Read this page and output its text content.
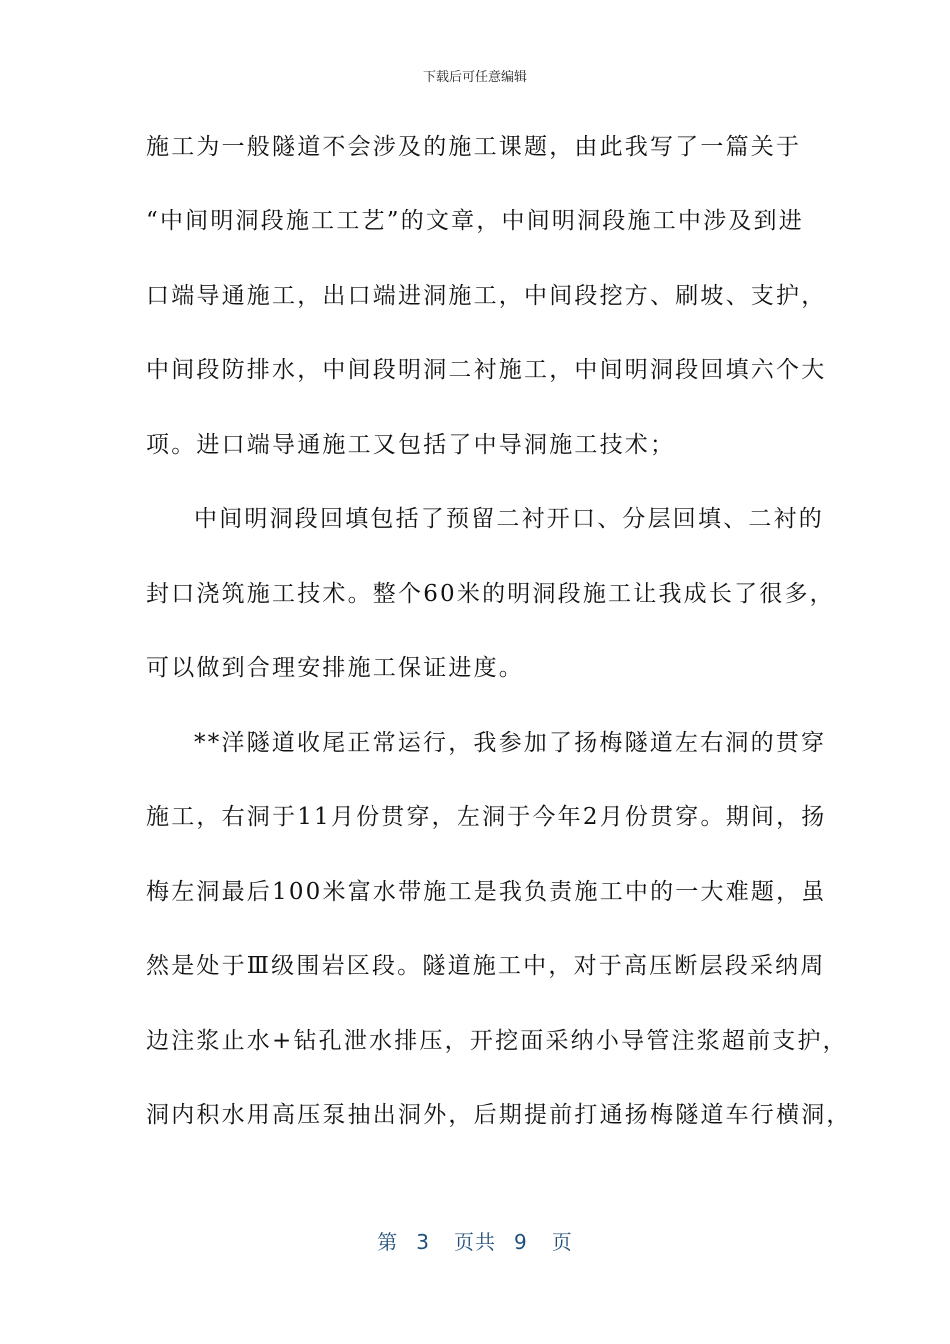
下载后可任意编辑
施工为一般隧道不会涉及的施工课题，由此我写了一篇关于
“中间明洞段施工工艺”的文章，中间明洞段施工中涉及到进
口端导通施工，出口端进洞施工，中间段挖方、刷坡、支护，
中间段防排水，中间段明洞二衬施工，中间明洞段回填六个大
项。进口端导通施工又包括了中导洞施工技术；
中间明洞段回填包括了预留二衬开口、分层回填、二衬的
封口浇筑施工技术。整个60米的明洞段施工让我成长了很多，
可以做到合理安排施工保证进度。
**洋隧道收尾正常运行，我参加了扬梅隧道左右洞的贯穿
施工，右洞于11月份贯穿，左洞于今年2月份贯穿。期间，扬
梅左洞最后100米富水带施工是我负责施工中的一大难题，虽
然是处于Ⅲ级围岩区段。隧道施工中，对于高压断层段采纳周
边注浆止水+钻孔泄水排压，开挖面采纳小导管注浆超前支护，
洞内积水用高压泵抽出洞外，后期提前打通扬梅隧道车行横洞，
第 3 页共 9 页
